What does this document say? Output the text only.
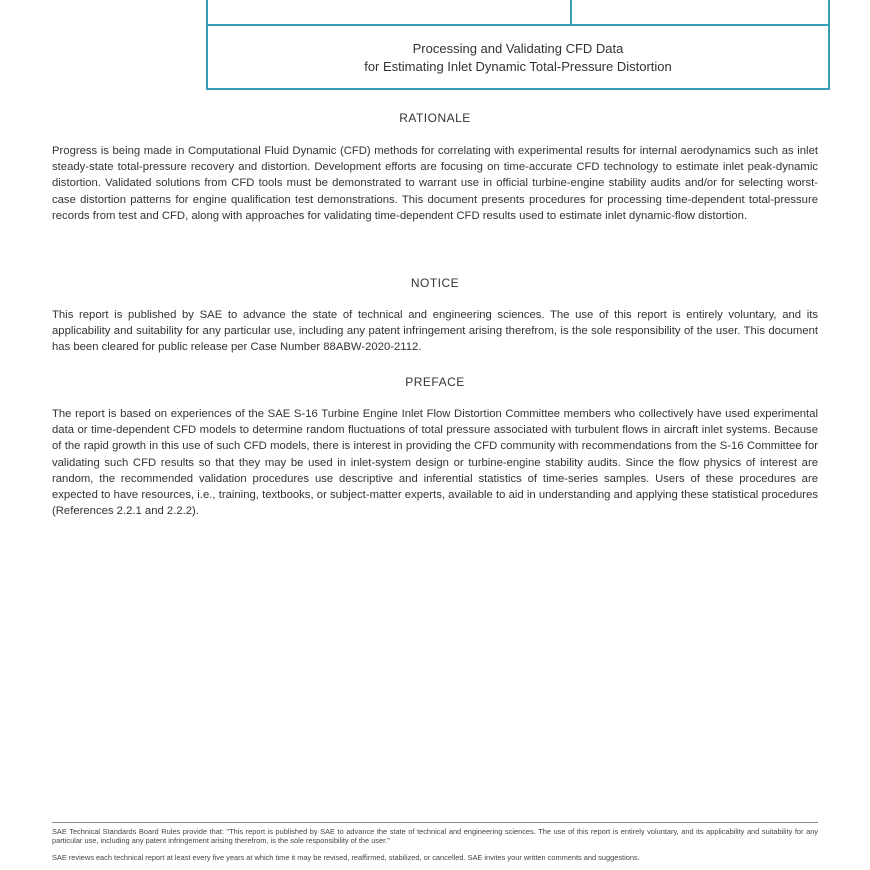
Processing and Validating CFD Data
for Estimating Inlet Dynamic Total-Pressure Distortion
RATIONALE
Progress is being made in Computational Fluid Dynamic (CFD) methods for correlating with experimental results for internal aerodynamics such as inlet steady-state total-pressure recovery and distortion. Development efforts are focusing on time-accurate CFD technology to estimate inlet peak-dynamic distortion. Validated solutions from CFD tools must be demonstrated to warrant use in official turbine-engine stability audits and/or for selecting worst-case distortion patterns for engine qualification test demonstrations. This document presents procedures for processing time-dependent total-pressure records from test and CFD, along with approaches for validating time-dependent CFD results used to estimate inlet dynamic-flow distortion.
NOTICE
This report is published by SAE to advance the state of technical and engineering sciences. The use of this report is entirely voluntary, and its applicability and suitability for any particular use, including any patent infringement arising therefrom, is the sole responsibility of the user. This document has been cleared for public release per Case Number 88ABW-2020-2112.
PREFACE
The report is based on experiences of the SAE S-16 Turbine Engine Inlet Flow Distortion Committee members who collectively have used experimental data or time-dependent CFD models to determine random fluctuations of total pressure associated with turbulent flows in aircraft inlet systems. Because of the rapid growth in this use of such CFD models, there is interest in providing the CFD community with recommendations from the S-16 Committee for validating such CFD results so that they may be used in inlet-system design or turbine-engine stability audits. Since the flow physics of interest are random, the recommended validation procedures use descriptive and inferential statistics of time-series samples. Users of these procedures are expected to have resources, i.e., training, textbooks, or subject-matter experts, available to aid in understanding and applying these statistical procedures (References 2.2.1 and 2.2.2).
SAE Technical Standards Board Rules provide that: "This report is published by SAE to advance the state of technical and engineering sciences. The use of this report is entirely voluntary, and its applicability and suitability for any particular use, including any patent infringement arising therefrom, is the sole responsibility of the user."
SAE reviews each technical report at least every five years at which time it may be revised, reaffirmed, stabilized, or cancelled. SAE invites your written comments and suggestions.
